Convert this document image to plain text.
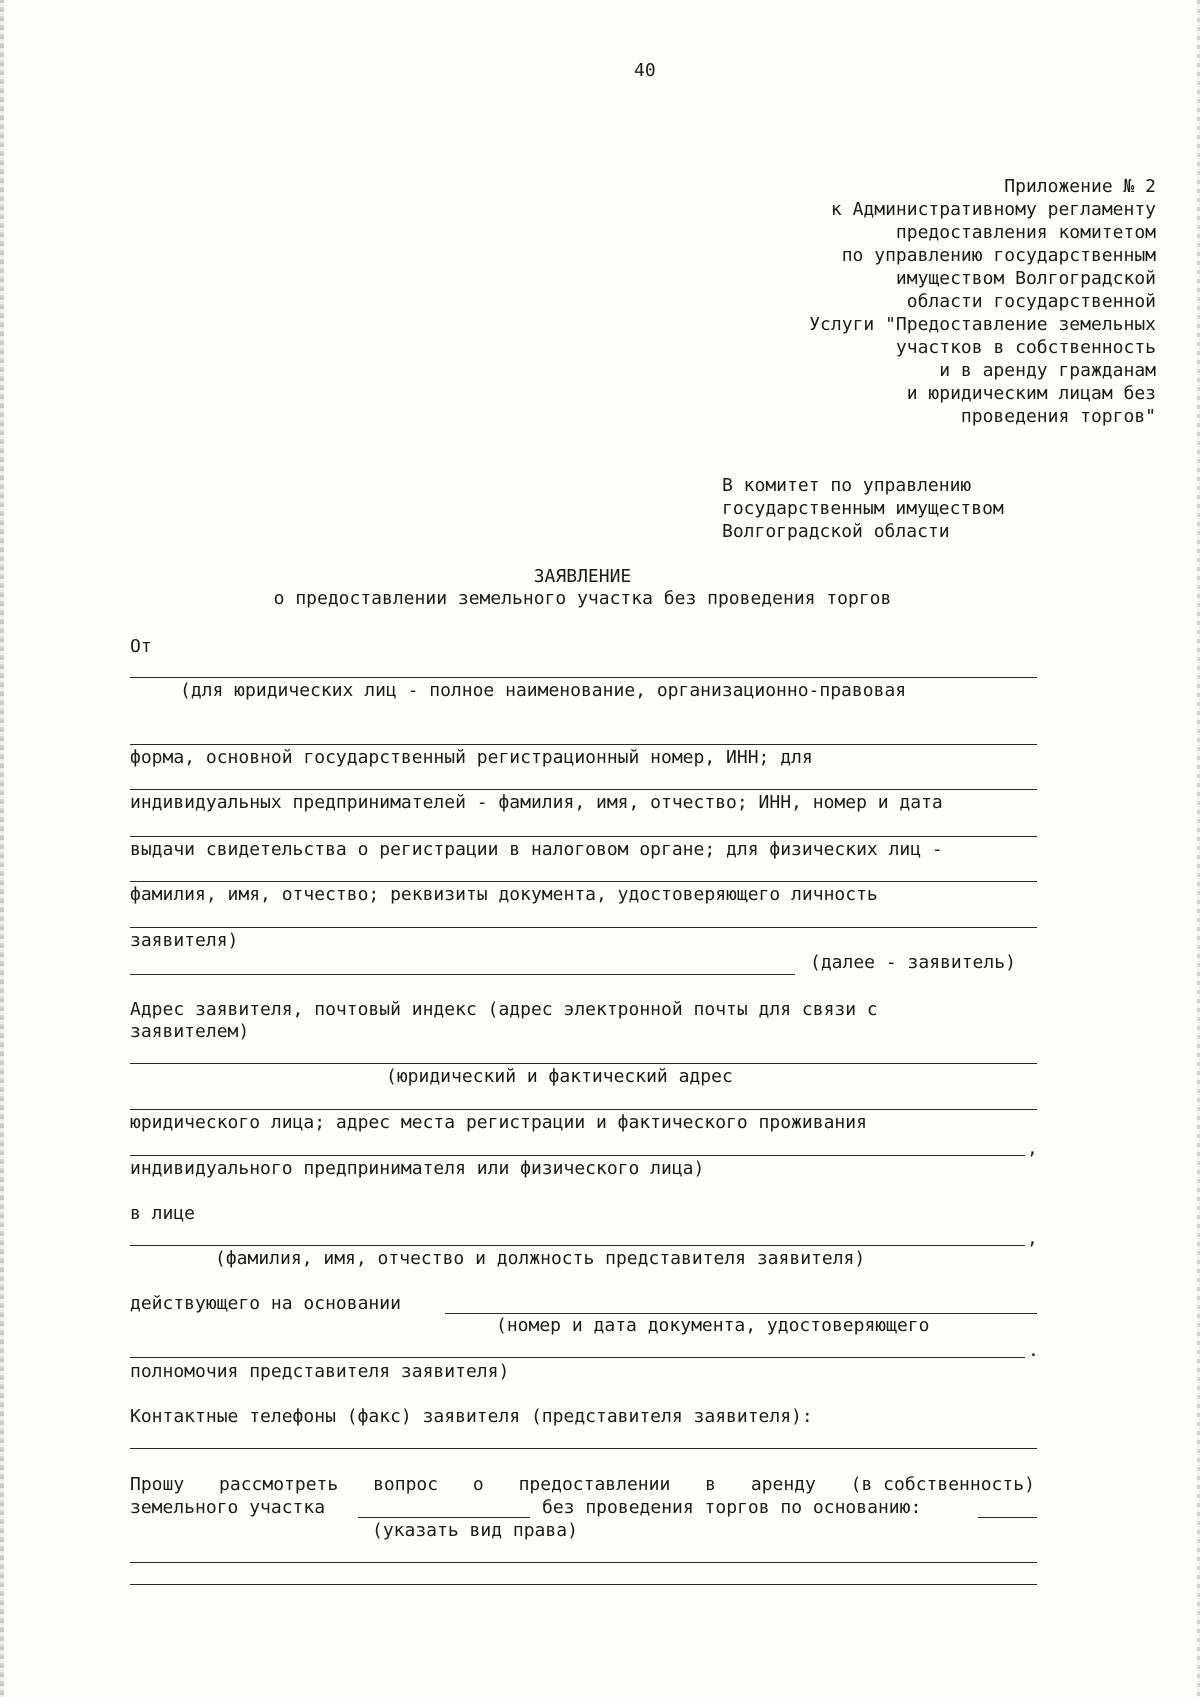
40
Приложение № 2
к Административному регламенту
предоставления комитетом
по управлению государственным
имуществом Волгоградской
области государственной
Услуги "Предоставление земельных
участков в собственность
и в аренду гражданам
и юридическим лицам без
проведения торгов"
В комитет по управлению
государственным имуществом
Волгоградской области
ЗАЯВЛЕНИЕ
о предоставлении земельного участка без проведения торгов
От
(для юридических лиц - полное наименование, организационно-правовая
форма, основной государственный регистрационный номер, ИНН; для
индивидуальных предпринимателей - фамилия, имя, отчество; ИНН, номер и дата
выдачи свидетельства о регистрации в налоговом органе; для физических лиц -
фамилия, имя, отчество; реквизиты документа, удостоверяющего личность
заявителя)
(далее - заявитель)
Адрес заявителя, почтовый индекс (адрес электронной почты для связи с
заявителем)
(юридический и фактический адрес
юридического лица; адрес места регистрации и фактического проживания
,
индивидуального предпринимателя или физического лица)
в лице
,
(фамилия, имя, отчество и должность представителя заявителя)
действующего на основании
(номер и дата документа, удостоверяющего
.
полномочия представителя заявителя)
Контактные телефоны (факс) заявителя (представителя заявителя):
Прошу рассмотреть вопрос о предоставлении в аренду (в собственность)
земельного участка	без проведения торгов по основанию:
(указать вид права)
